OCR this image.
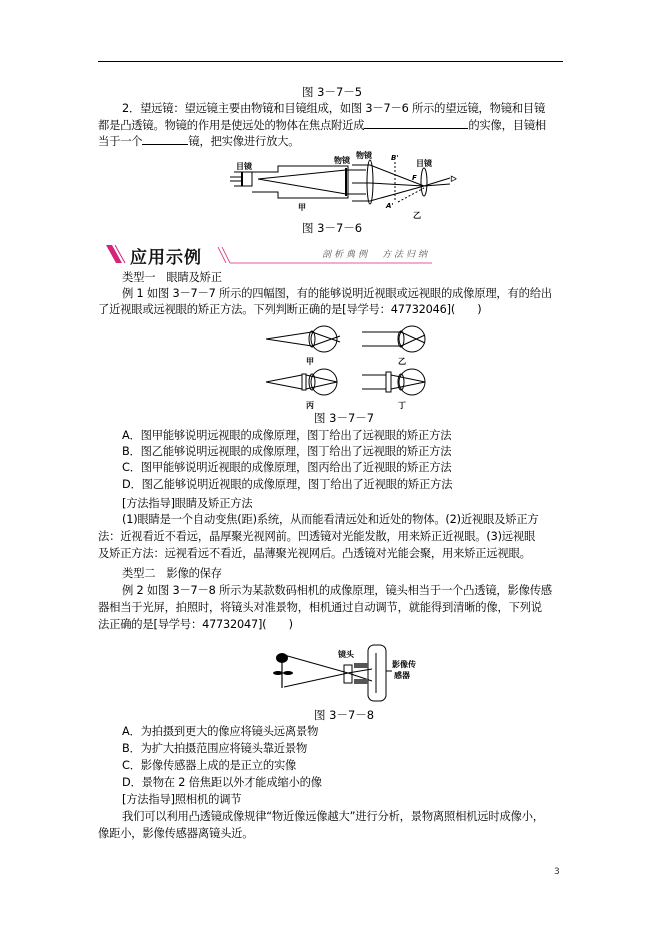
图 3－7－5
2．望远镜：望远镜主要由物镜和目镜组成，如图 3－7－6 所示的望远镜，物镜和目镜
都是凸透镜。物镜的作用是使远处的物体在焦点附近成	的实像，目镜相
当于一个	镜，把实像进行放大。
目镜
物镜
甲
物镜
目镜
B'
A'
F
乙
ᐅ
图 3－7－6
应用示例	剖析典例　方法归纳
类型一　眼睛及矫正
例 1 如图 3－7－7 所示的四幅图，有的能够说明近视眼或远视眼的成像原理，有的给出
了近视眼或远视眼的矫正方法。下列判断正确的是[导学号：47732046](　　)
甲	乙
丙	丁
图 3－7－7
A．图甲能够说明远视眼的成像原理，图丁给出了远视眼的矫正方法
B．图乙能够说明远视眼的成像原理，图丁给出了远视眼的矫正方法
C．图甲能够说明近视眼的成像原理，图丙给出了近视眼的矫正方法
D．图乙能够说明近视眼的成像原理，图丁给出了近视眼的矫正方法
[方法指导]眼睛及矫正方法
(1)眼睛是一个自动变焦(距)系统，从而能看清远处和近处的物体。(2)近视眼及矫正方
法：近视看近不看远，晶厚聚光视网前。凹透镜对光能发散，用来矫正近视眼。(3)远视眼
及矫正方法：远视看远不看近，晶薄聚光视网后。凸透镜对光能会聚，用来矫正远视眼。
类型二　影像的保存
例 2 如图 3－7－8 所示为某款数码相机的成像原理，镜头相当于一个凸透镜，影像传感
器相当于光屏，拍照时，将镜头对准景物，相机通过自动调节，就能得到清晰的像，下列说
法正确的是[导学号：47732047](　　)
镜头
影像传
感器
图 3－7－8
A．为拍摄到更大的像应将镜头远离景物
B．为扩大拍摄范围应将镜头靠近景物
C．影像传感器上成的是正立的实像
D．景物在 2 倍焦距以外才能成缩小的像
[方法指导]照相机的调节
我们可以利用凸透镜成像规律“物近像远像越大”进行分析，景物离照相机远时成像小，
像距小，影像传感器离镜头近。
3
